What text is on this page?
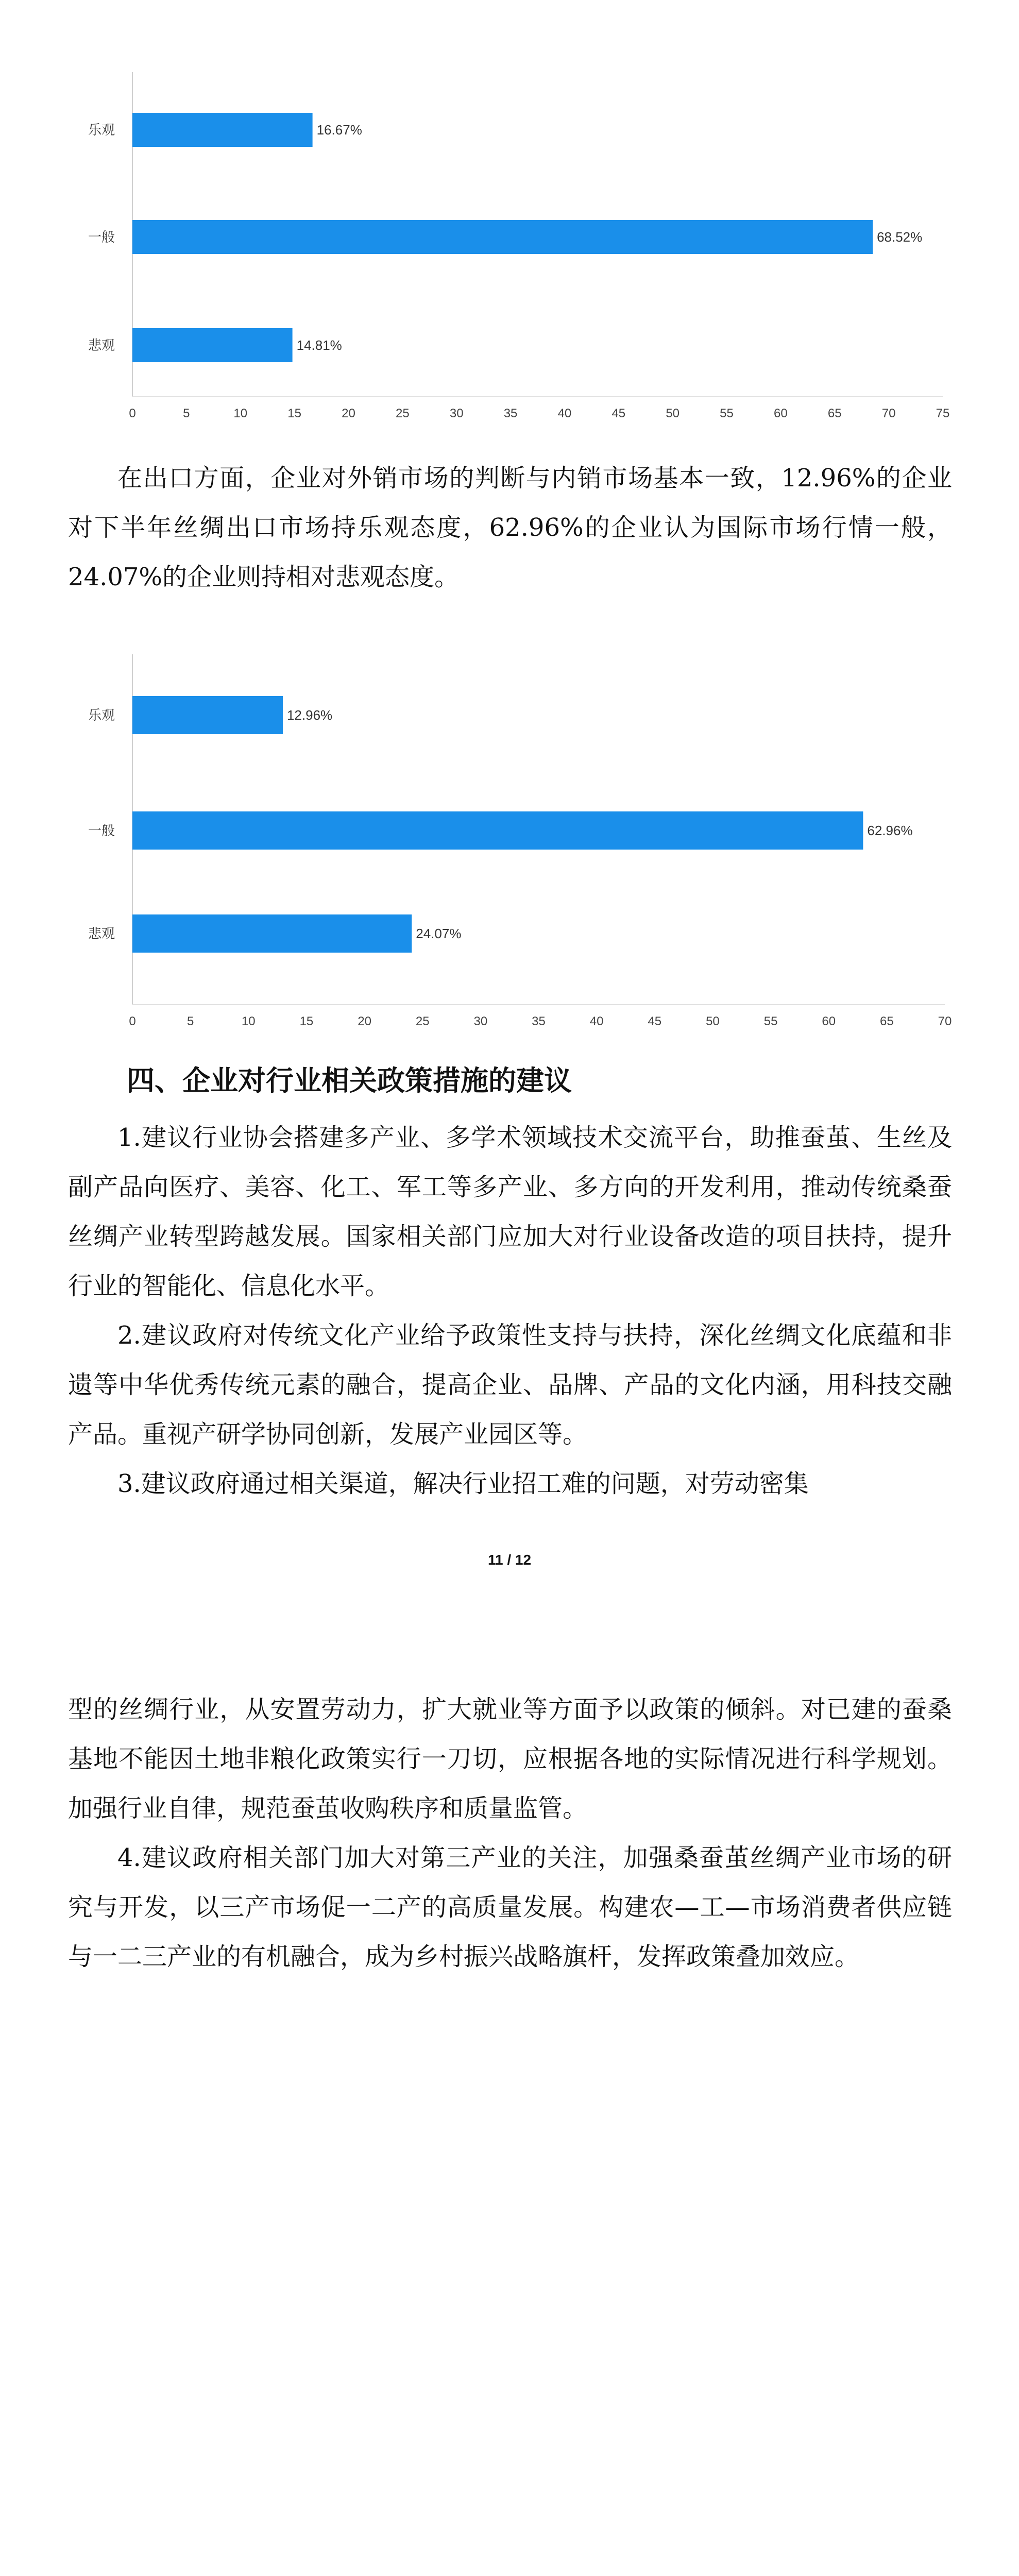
乐观	16.67%
一般	68.52%
悲观	14.81%
0	5	10	15	20	25	30	35	40	45	50	55	60	65	70	75

在出口方面，企业对外销市场的判断与内销市场基本一致，12.96%的企业对下半年丝绸出口市场持乐观态度，62.96%的企业认为国际市场行情一般，24.07%的企业则持相对悲观态度。

乐观	12.96%
一般	62.96%
悲观	24.07%
0	5	10	15	20	25	30	35	40	45	50	55	60	65	70
四、企业对行业相关政策措施的建议

1.建议行业协会搭建多产业、多学术领域技术交流平台，助推蚕茧、生丝及副产品向医疗、美容、化工、军工等多产业、多方向的开发利用，推动传统桑蚕丝绸产业转型跨越发展。国家相关部门应加大对行业设备改造的项目扶持，提升行业的智能化、信息化水平。

2.建议政府对传统文化产业给予政策性支持与扶持，深化丝绸文化底蕴和非遗等中华优秀传统元素的融合，提高企业、品牌、产品的文化内涵，用科技交融产品。重视产研学协同创新，发展产业园区等。

3.建议政府通过相关渠道，解决行业招工难的问题，对劳动密集

11 / 12

型的丝绸行业，从安置劳动力，扩大就业等方面予以政策的倾斜。对已建的蚕桑基地不能因土地非粮化政策实行一刀切，应根据各地的实际情况进行科学规划。加强行业自律，规范蚕茧收购秩序和质量监管。

4.建议政府相关部门加大对第三产业的关注，加强桑蚕茧丝绸产业市场的研究与开发，以三产市场促一二产的高质量发展。构建农—工—市场消费者供应链与一二三产业的有机融合，成为乡村振兴战略旗杆，发挥政策叠加效应。
